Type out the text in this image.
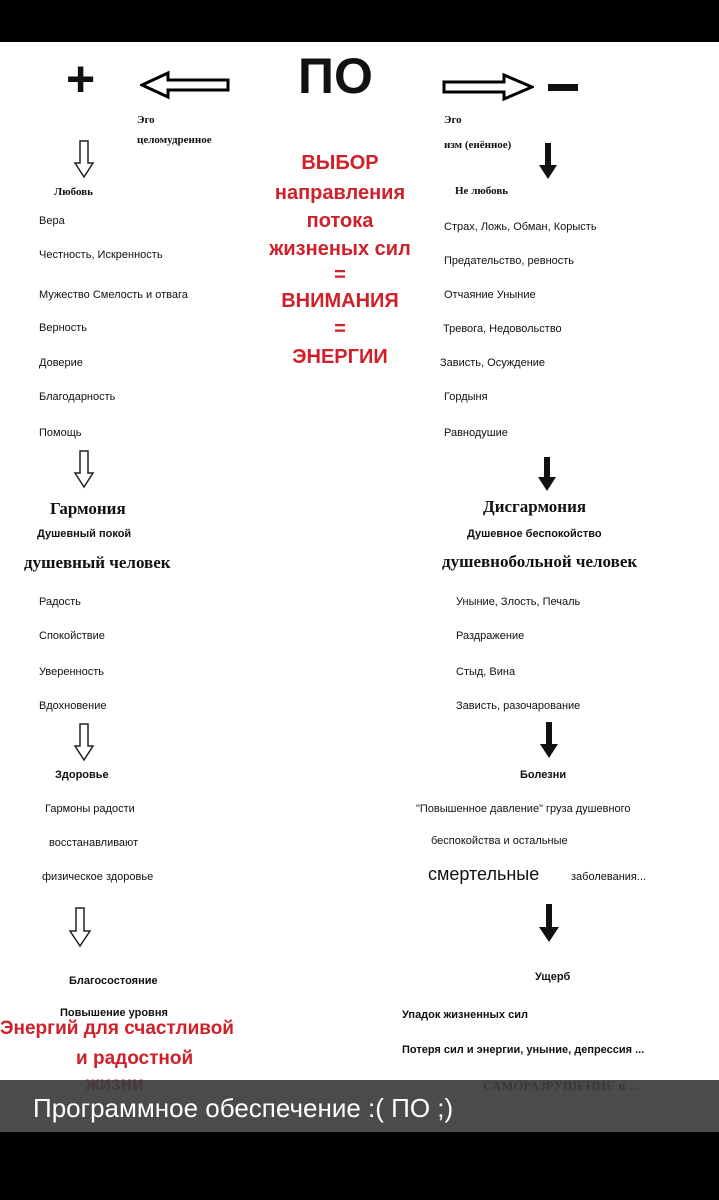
+	ПО	–
ВЫБОР
направления
потока
жизненых сил
=
ВНИМАНИЯ
=
ЭНЕРГИИ
Эго
целомудренное
Любовь
Вера
Честность, Искренность
Мужество Смелость и отвага
Верность
Доверие
Благодарность
Помощь
Гармония
Душевный покой
душевный человек
Радость
Спокойствие
Уверенность
Вдохновение
Здоровье
Гармоны радости
восстанавливают
физическое здоровье
Благосостояние
Повышение уровня
Энергий для счастливой
и радостной
Эго
изм (енённое)
Не любовь
Страх, Ложь, Обман, Корысть
Предательство, ревность
Отчаяние Уныние
Тревога, Недовольство
Зависть, Осуждение
Гордыня
Равнодушие
Дисгармония
Душевное беспокойство
душевнобольной человек
Уныние, Злость, Печаль
Раздражение
Стыд, Вина
Зависть, разочарование
Болезни
"Повышенное давление" груза душевного
беспокойства и остальные
смертельные	заболевания...
Ущерб
Упадок жизненных сил
Потеря сил и энергии, уныние, депрессия ...
Программное обеспечение :( ПО ;)
